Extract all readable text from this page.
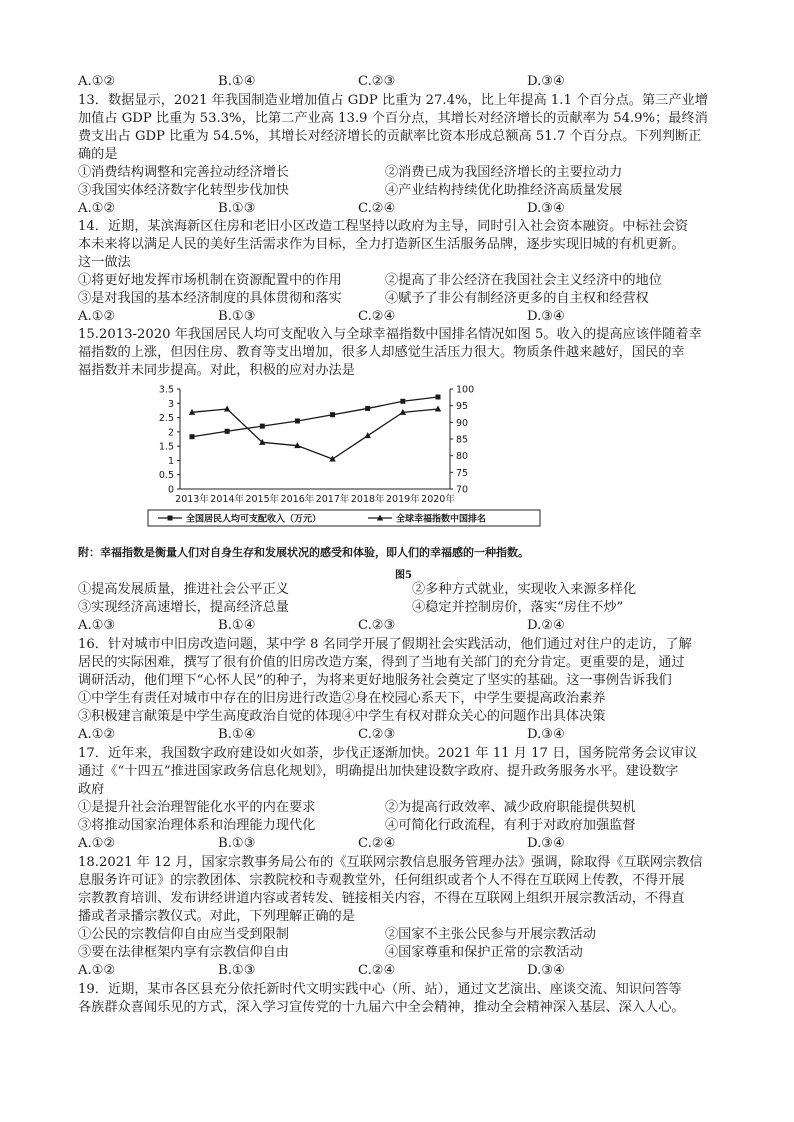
A.①②	B.①④	C.②③	D.③④
13．数据显示，2021 年我国制造业增加值占 GDP 比重为 27.4%，比上年提高 1.1 个百分点。第三产业增
加值占 GDP 比重为 53.3%，比第二产业高 13.9 个百分点，其增长对经济增长的贡献率为 54.9%；最终消
费支出占 GDP 比重为 54.5%，其增长对经济增长的贡献率比资本形成总额高 51.7 个百分点。下列判断正
确的是
①消费结构调整和完善拉动经济增长	②消费已成为我国经济增长的主要拉动力
③我国实体经济数字化转型步伐加快	④产业结构持续优化助推经济高质量发展
A.①②	B.①③	C.②④	D.③④
14．近期，某滨海新区住房和老旧小区改造工程坚持以政府为主导，同时引入社会资本融资。中标社会资
本未来将以满足人民的美好生活需求作为目标，全力打造新区生活服务品牌，逐步实现旧城的有机更新。
这一做法
①将更好地发挥市场机制在资源配置中的作用	②提高了非公经济在我国社会主义经济中的地位
③是对我国的基本经济制度的具体贯彻和落实	④赋予了非公有制经济更多的自主权和经营权
A.①②	B.①③	C.②④	D.③④
15.2013-2020 年我国居民人均可支配收入与全球幸福指数中国排名情况如图 5。收入的提高应该伴随着幸
福指数的上涨，但因住房、教育等支出增加，很多人却感觉生活压力很大。物质条件越来越好，国民的幸
福指数并未同步提高。对此，积极的应对办法是
0
0.5
1
1.5
2
2.5
3
3.5
70
75
80
85
90
95
100
2013年 2014年 2015年 2016年 2017年 2018年 2019年 2020年
全国居民人均可支配收入（万元）	全球幸福指数中国排名
附：幸福指数是衡量人们对自身生存和发展状况的感受和体验，即人们的幸福感的一种指数。
图5
①提高发展质量，推进社会公平正义	②多种方式就业，实现收入来源多样化
③实现经济高速增长，提高经济总量	④稳定并控制房价，落实“房住不炒”
A.①③	B.①④	C.②③	D.②④
16．针对城市中旧房改造问题，某中学 8 名同学开展了假期社会实践活动，他们通过对住户的走访，了解
居民的实际困难，撰写了很有价值的旧房改造方案，得到了当地有关部门的充分肯定。更重要的是，通过
调研活动，他们埋下“心怀人民”的种子，为将来更好地服务社会奠定了坚实的基础。这一事例告诉我们
①中学生有责任对城市中存在的旧房进行改造②身在校园心系天下，中学生要提高政治素养
③积极建言献策是中学生高度政治自觉的体现④中学生有权对群众关心的问题作出具体决策
A.①②	B.①④	C.②③	D.③④
17．近年来，我国数字政府建设如火如荼，步伐正逐渐加快。2021 年 11 月 17 日，国务院常务会议审议
通过《“十四五”推进国家政务信息化规划》，明确提出加快建设数字政府、提升政务服务水平。建设数字
政府
①是提升社会治理智能化水平的内在要求	②为提高行政效率、减少政府职能提供契机
③将推动国家治理体系和治理能力现代化	④可简化行政流程，有利于对政府加强监督
A.①②	B.①③	C.②④	D.③④
18.2021 年 12 月，国家宗教事务局公布的《互联网宗教信息服务管理办法》强调，除取得《互联网宗教信
息服务许可证》的宗教团体、宗教院校和寺观教堂外，任何组织或者个人不得在互联网上传教，不得开展
宗教教育培训、发布讲经讲道内容或者转发、链接相关内容，不得在互联网上组织开展宗教活动，不得直
播或者录播宗教仪式。对此，下列理解正确的是
①公民的宗教信仰自由应当受到限制	②国家不主张公民参与开展宗教活动
③要在法律框架内享有宗教信仰自由	④国家尊重和保护正常的宗教活动
A.①②	B.①③	C.②④	D.③④
19．近期，某市各区县充分依托新时代文明实践中心（所、站），通过文艺演出、座谈交流、知识问答等
各族群众喜闻乐见的方式，深入学习宣传党的十九届六中全会精神，推动全会精神深入基层、深入人心。
